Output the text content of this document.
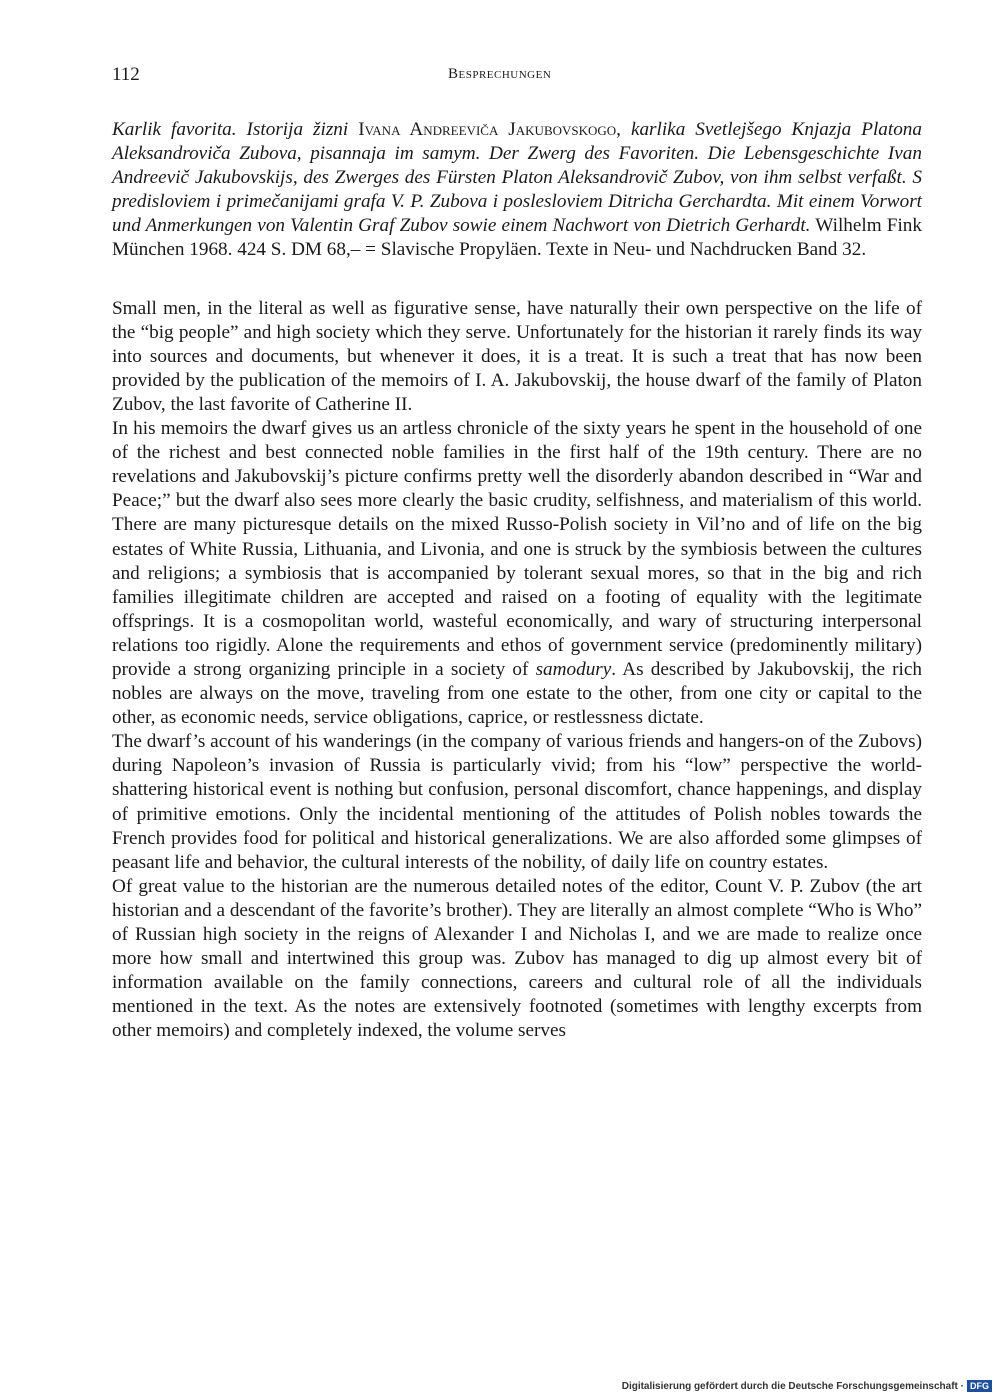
112	Besprechungen
Karlik favorita. Istorija žizni Ivana Andreeviča Jakubovskogo, karlika Svetlejšego Knjazja Platona Aleksandroviča Zubova, pisannaja im samym. Der Zwerg des Favoriten. Die Lebensgeschichte Ivan Andreevič Jakubovskijs, des Zwerges des Fürsten Platon Aleksandrovič Zubov, von ihm selbst verfaßt. S predisloviem i primečanijami grafa V. P. Zubova i poslesloviem Ditricha Gerchardta. Mit einem Vorwort und Anmerkungen von Valentin Graf Zubov sowie einem Nachwort von Dietrich Gerhardt. Wilhelm Fink München 1968. 424 S. DM 68,– = Slavische Propyläen. Texte in Neu- und Nachdrucken Band 32.

Small men, in the literal as well as figurative sense, have naturally their own perspective on the life of the “big people” and high society which they serve. Unfortunately for the historian it rarely finds its way into sources and documents, but whenever it does, it is a treat. It is such a treat that has now been provided by the publication of the memoirs of I. A. Jakubovskij, the house dwarf of the family of Platon Zubov, the last favorite of Catherine II.

In his memoirs the dwarf gives us an artless chronicle of the sixty years he spent in the household of one of the richest and best connected noble families in the first half of the 19th century. There are no revelations and Jakubovskij’s picture confirms pretty well the disorderly abandon described in “War and Peace;” but the dwarf also sees more clearly the basic crudity, selfishness, and materialism of this world. There are many picturesque details on the mixed Russo-Polish society in Vil’no and of life on the big estates of White Russia, Lithuania, and Livonia, and one is struck by the symbiosis between the cultures and religions; a symbiosis that is accompanied by tolerant sexual mores, so that in the big and rich families illegitimate children are accepted and raised on a footing of equality with the legitimate offsprings. It is a cosmopolitan world, wasteful economically, and wary of structuring interpersonal relations too rigidly. Alone the requirements and ethos of government service (predominently military) provide a strong organizing principle in a society of samodury. As described by Jakubovskij, the rich nobles are always on the move, traveling from one estate to the other, from one city or capital to the other, as economic needs, service obligations, caprice, or restlessness dictate.

The dwarf’s account of his wanderings (in the company of various friends and hangers-on of the Zubovs) during Napoleon’s invasion of Russia is particularly vivid; from his “low” perspective the world-shattering historical event is nothing but confusion, personal discomfort, chance happenings, and display of primitive emotions. Only the incidental mentioning of the attitudes of Polish nobles towards the French provides food for political and historical generalizations. We are also afforded some glimpses of peasant life and behavior, the cultural interests of the nobility, of daily life on country estates.

Of great value to the historian are the numerous detailed notes of the editor, Count V. P. Zubov (the art historian and a descendant of the favorite’s brother). They are literally an almost complete “Who is Who” of Russian high society in the reigns of Alexander I and Nicholas I, and we are made to realize once more how small and intertwined this group was. Zubov has managed to dig up almost every bit of information available on the family connections, careers and cultural role of all the individuals mentioned in the text. As the notes are extensively footnoted (sometimes with lengthy excerpts from other memoirs) and completely indexed, the volume serves

Digitalisierung gefördert durch die Deutsche Forschungsgemeinschaft · DFG
